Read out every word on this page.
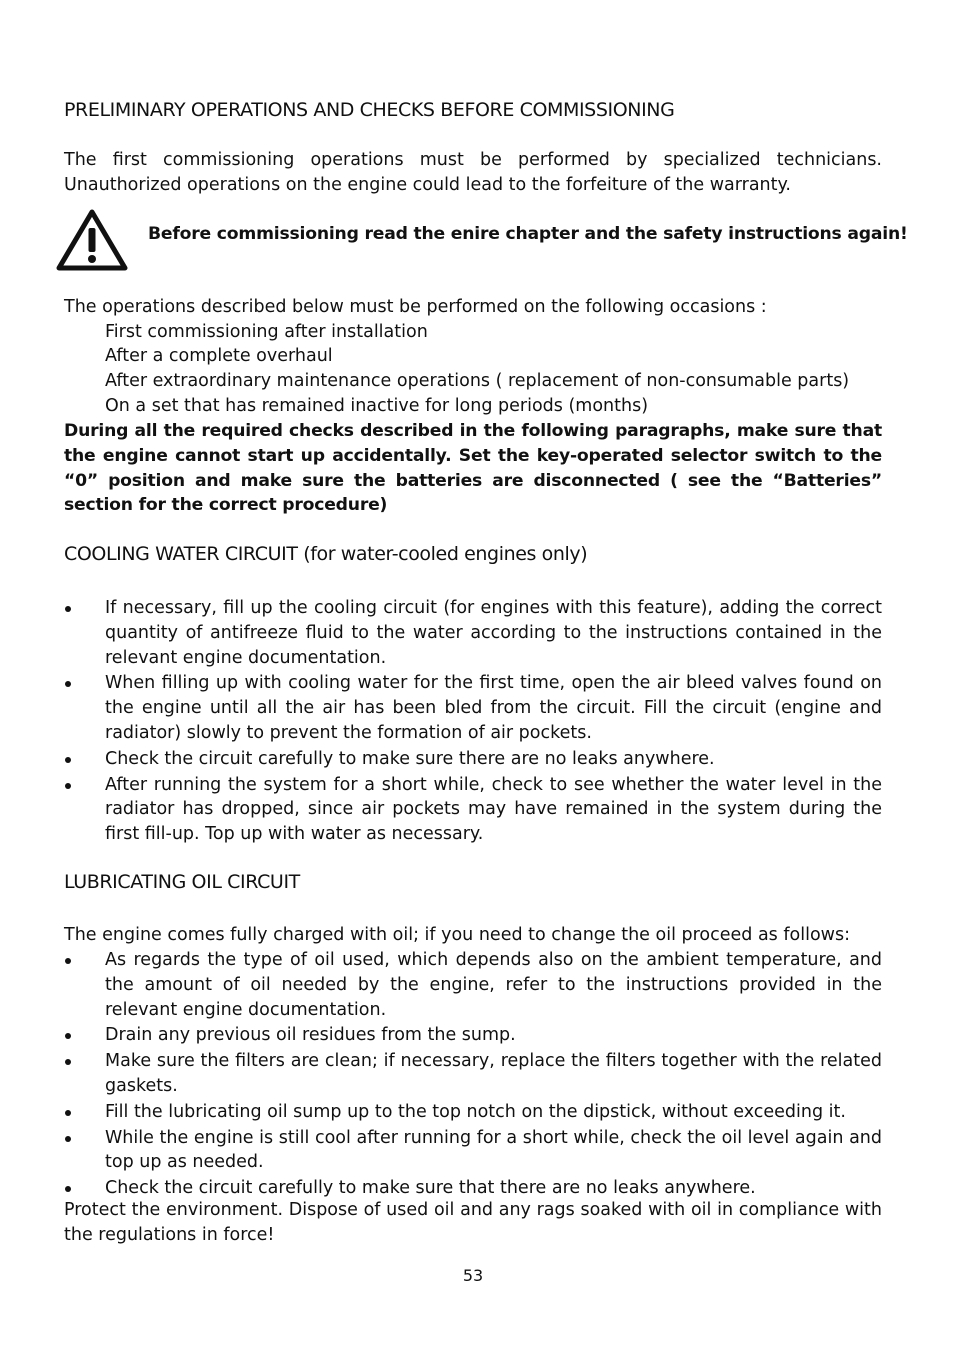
PRELIMINARY OPERATIONS AND CHECKS BEFORE COMMISSIONING

The first commissioning operations must be performed by specialized technicians. Unauthorized operations on the engine could lead to the forfeiture of the warranty.

Before commissioning read the enire chapter and the safety instructions again!

The operations described below must be performed on the following occasions :

First commissioning after installation

After a complete overhaul

After extraordinary maintenance operations ( replacement of non-consumable parts)

On a set that has remained inactive for long periods (months)

During all the required checks described in the following paragraphs, make sure that the engine cannot start up accidentally. Set the key-operated selector switch to the “0” position and make sure the batteries are disconnected ( see the “Batteries” section for the correct procedure)

COOLING WATER CIRCUIT (for water-cooled engines only)
If necessary, fill up the cooling circuit (for engines with this feature), adding the correct quantity of antifreeze fluid to the water according to the instructions contained in the relevant engine documentation.
When filling up with cooling water for the first time, open the air bleed valves found on the engine until all the air has been bled from the circuit. Fill the circuit (engine and radiator) slowly to prevent the formation of air pockets.
Check the circuit carefully to make sure there are no leaks anywhere.
After running the system for a short while, check to see whether the water level in the radiator has dropped, since air pockets may have remained in the system during the first fill-up. Top up with water as necessary.
LUBRICATING OIL CIRCUIT

The engine comes fully charged with oil; if you need to change the oil proceed as follows:

As regards the type of oil used, which depends also on the ambient temperature, and the amount of oil needed by the engine, refer to the instructions provided in the relevant engine documentation.
Drain any previous oil residues from the sump.
Make sure the filters are clean; if necessary, replace the filters together with the related gaskets.
Fill the lubricating oil sump up to the top notch on the dipstick, without exceeding it.
While the engine is still cool after running for a short while, check the oil level again and top up as needed.
Check the circuit carefully to make sure that there are no leaks anywhere.

Protect the environment. Dispose of used oil and any rags soaked with oil in compliance with the regulations in force!

53
